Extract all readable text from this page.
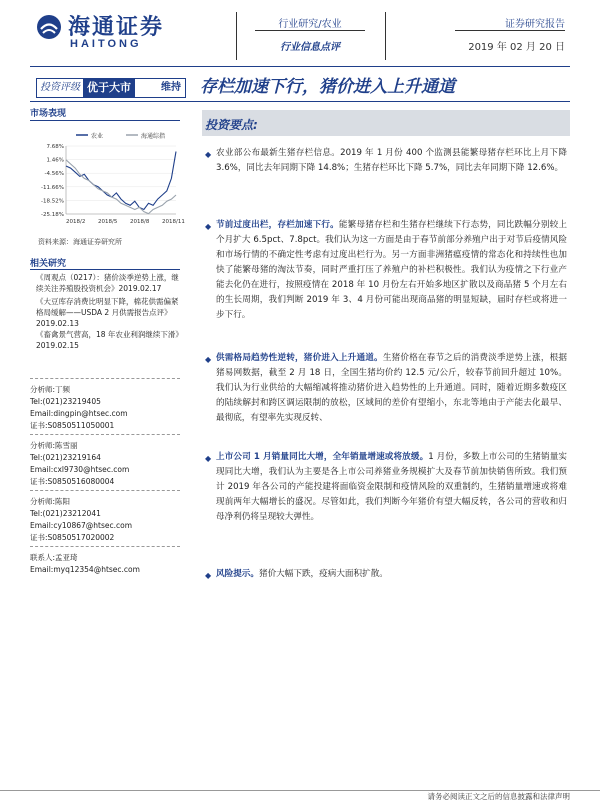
海通证券
HAITONG
行业研究/农业
行业信息点评
证券研究报告
2019 年 02 月 20 日
投资评级 优于大市	维持 存栏加速下行，猪价进入上升通道
市场表现
农业	海通综指
7.68%
1.46%
-4.56%
-11.66%
-18.52%
-25.18%
2018/2 2018/5 2018/8 2018/11
资料来源：海通证券研究所
相关研究
《周观点（0217）：猪价淡季逆势上涨，继续关注养殖股投资机会》2019.02.17
《大豆库存消费比明显下降，棉花供需偏紧格局缓解——USDA 2 月供需报告点评》2019.02.13
《畜禽景气营高，18 年农业利润继续下滑》2019.02.15
分析师:丁频
Tel:(021)23219405
Email:dingpin@htsec.com
证书:S0850511050001
分析师:陈雪丽
Tel:(021)23219164
Email:cxl9730@htsec.com
证书:S0850516080004
分析师:陈阳
Tel:(021)23212041
Email:cy10867@htsec.com
证书:S0850517020002
联系人:孟亚琦
Email:myq12354@htsec.com
投资要点:
◆ 农业部公布最新生猪存栏信息。2019 年 1 月份 400 个监测县能繁母猪存栏环比上月下降 3.6%，同比去年同期下降 14.8%；生猪存栏环比下降 5.7%，同比去年同期下降 12.6%。
◆ 节前过度出栏，存栏加速下行。能繁母猪存栏和生猪存栏继续下行态势，同比跌幅分别较上个月扩大 6.5pct、7.8pct。我们认为这一方面是由于春节前部分养殖户出于对节后疫情风险和市场行情的不确定性考虑有过度出栏行为。另一方面非洲猪瘟疫情的常态化和持续性也加快了能繁母猪的淘汰节奏，同时严重打压了养殖户的补栏积极性。我们认为疫情之下行业产能去化仍在进行，按照疫情在 2018 年 10 月份左右开始多地区扩散以及商品猪 5 个月左右的生长周期，我们判断 2019 年 3、4 月份可能出现商品猪的明显短缺，届时存栏或将进一步下行。
◆ 供需格局趋势性逆转，猪价进入上升通道。生猪价格在春节之后的消费淡季逆势上涨，根据猪易网数据，截至 2 月 18 日，全国生猪均价约 12.5 元/公斤，较春节前回升超过 10%。我们认为行业供给的大幅缩减将推动猪价进入趋势性的上升通道。同时，随着近期多数疫区的陆续解封和跨区调运限制的放松，区域间的差价有望缩小，东北等地由于产能去化最早、最彻底，有望率先实现反转、
◆ 上市公司 1 月销量同比大增，全年销量增速或将放缓。1 月份，多数上市公司的生猪销量实现同比大增，我们认为主要是各上市公司养猪业务规模扩大及春节前加快销售所致。我们预计 2019 年各公司的产能投建将面临资金限制和疫情风险的双重制约，生猪销量增速或将难现前两年大幅增长的盛况。尽管如此，我们判断今年猪价有望大幅反转，各公司的营收和归母净利仍将呈现较大弹性。
◆ 风险提示。猪价大幅下跌，疫病大面积扩散。
请务必阅读正文之后的信息披露和法律声明
